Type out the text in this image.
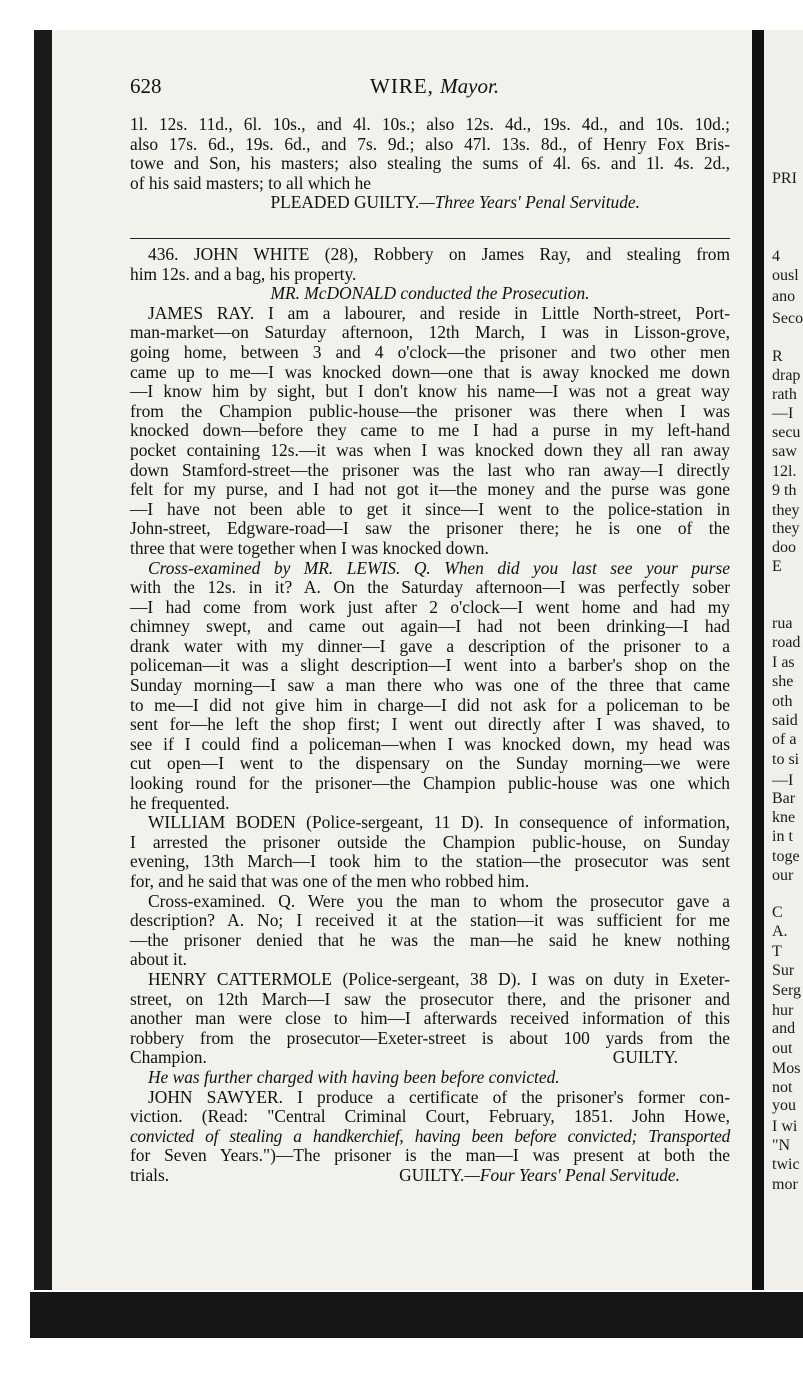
PRI
4
ousl
ano
Seco
R
drap
rath
—I
secu
saw
12l.
9 th
they
they
doo
E
rua
road
I as
she
oth
said
of a
to si
—I
Bar
kne
in t
toge
our
C
A.
T
Sur
Serg
hur
and
out
Mos
not
you
I wi
"N
twic
mor
628	WIRE, Mayor.
1l. 12s. 11d., 6l. 10s., and 4l. 10s.; also 12s. 4d., 19s. 4d., and 10s. 10d.;
also 17s. 6d., 19s. 6d., and 7s. 9d.; also 47l. 13s. 8d., of Henry Fox Bris-
towe and Son, his masters; also stealing the sums of 4l. 6s. and 1l. 4s. 2d.,
of his said masters; to all which he
PLEADED GUILTY.—Three Years' Penal Servitude.
436. JOHN WHITE (28), Robbery on James Ray, and stealing from
him 12s. and a bag, his property.
MR. McDONALD conducted the Prosecution.
JAMES RAY. I am a labourer, and reside in Little North-street, Port-
man-market—on Saturday afternoon, 12th March, I was in Lisson-grove,
going home, between 3 and 4 o'clock—the prisoner and two other men
came up to me—I was knocked down—one that is away knocked me down
—I know him by sight, but I don't know his name—I was not a great way
from the Champion public-house—the prisoner was there when I was
knocked down—before they came to me I had a purse in my left-hand
pocket containing 12s.—it was when I was knocked down they all ran away
down Stamford-street—the prisoner was the last who ran away—I directly
felt for my purse, and I had not got it—the money and the purse was gone
—I have not been able to get it since—I went to the police-station in
John-street, Edgware-road—I saw the prisoner there; he is one of the
three that were together when I was knocked down.
Cross-examined by MR. LEWIS. Q. When did you last see your purse
with the 12s. in it? A. On the Saturday afternoon—I was perfectly sober
—I had come from work just after 2 o'clock—I went home and had my
chimney swept, and came out again—I had not been drinking—I had
drank water with my dinner—I gave a description of the prisoner to a
policeman—it was a slight description—I went into a barber's shop on the
Sunday morning—I saw a man there who was one of the three that came
to me—I did not give him in charge—I did not ask for a policeman to be
sent for—he left the shop first; I went out directly after I was shaved, to
see if I could find a policeman—when I was knocked down, my head was
cut open—I went to the dispensary on the Sunday morning—we were
looking round for the prisoner—the Champion public-house was one which
he frequented.
WILLIAM BODEN (Police-sergeant, 11 D). In consequence of information,
I arrested the prisoner outside the Champion public-house, on Sunday
evening, 13th March—I took him to the station—the prosecutor was sent
for, and he said that was one of the men who robbed him.
Cross-examined. Q. Were you the man to whom the prosecutor gave a
description? A. No; I received it at the station—it was sufficient for me
—the prisoner denied that he was the man—he said he knew nothing
about it.
HENRY CATTERMOLE (Police-sergeant, 38 D). I was on duty in Exeter-
street, on 12th March—I saw the prosecutor there, and the prisoner and
another man were close to him—I afterwards received information of this
robbery from the prosecutor—Exeter-street is about 100 yards from the
Champion.	GUILTY.
He was further charged with having been before convicted.
JOHN SAWYER. I produce a certificate of the prisoner's former con-
viction. (Read: "Central Criminal Court, February, 1851. John Howe,
convicted of stealing a handkerchief, having been before convicted; Transported
for Seven Years.")—The prisoner is the man—I was present at both the
trials.	GUILTY.—Four Years' Penal Servitude.
